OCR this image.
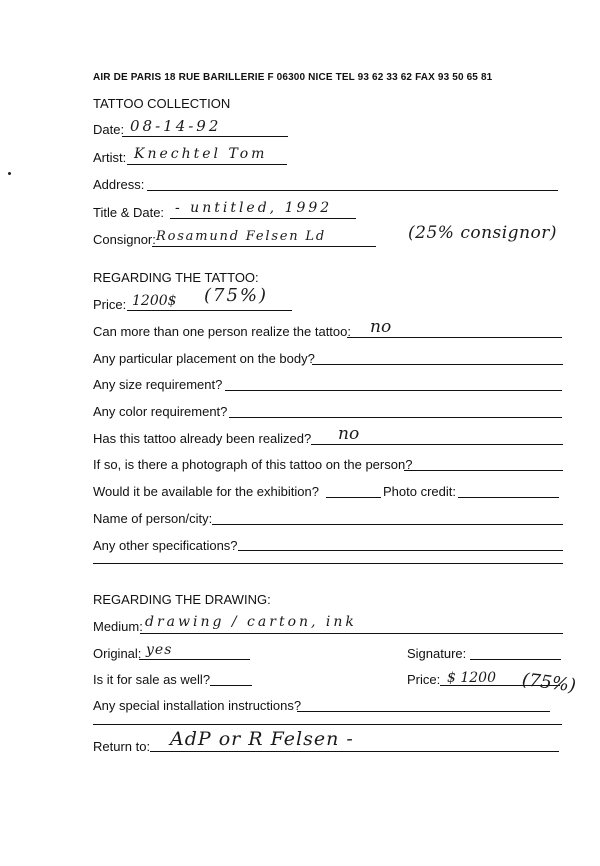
AIR DE PARIS 18 RUE BARILLERIE F 06300 NICE TEL 93 62 33 62 FAX 93 50 65 81
TATTOO COLLECTION
Date: 08-14-92
Artist: Knechtel Tom
Address:
Title & Date: - untitled, 1992
Consignor: Rosamund Felsen Ld	(25% consignor)
REGARDING THE TATTOO:
Price: 1200$ (75%)
Can more than one person realize the tattoo: no
Any particular placement on the body?
Any size requirement?
Any color requirement?
Has this tattoo already been realized? no
If so, is there a photograph of this tattoo on the person?
Would it be available for the exhibition?	Photo credit:
Name of person/city:
Any other specifications?
REGARDING THE DRAWING:
Medium: drawing / carton, ink
Original: yes	Signature:
Is it for sale as well?	Price: $ 1200 (75%)
Any special installation instructions?
Return to: AdP or R Felsen -
